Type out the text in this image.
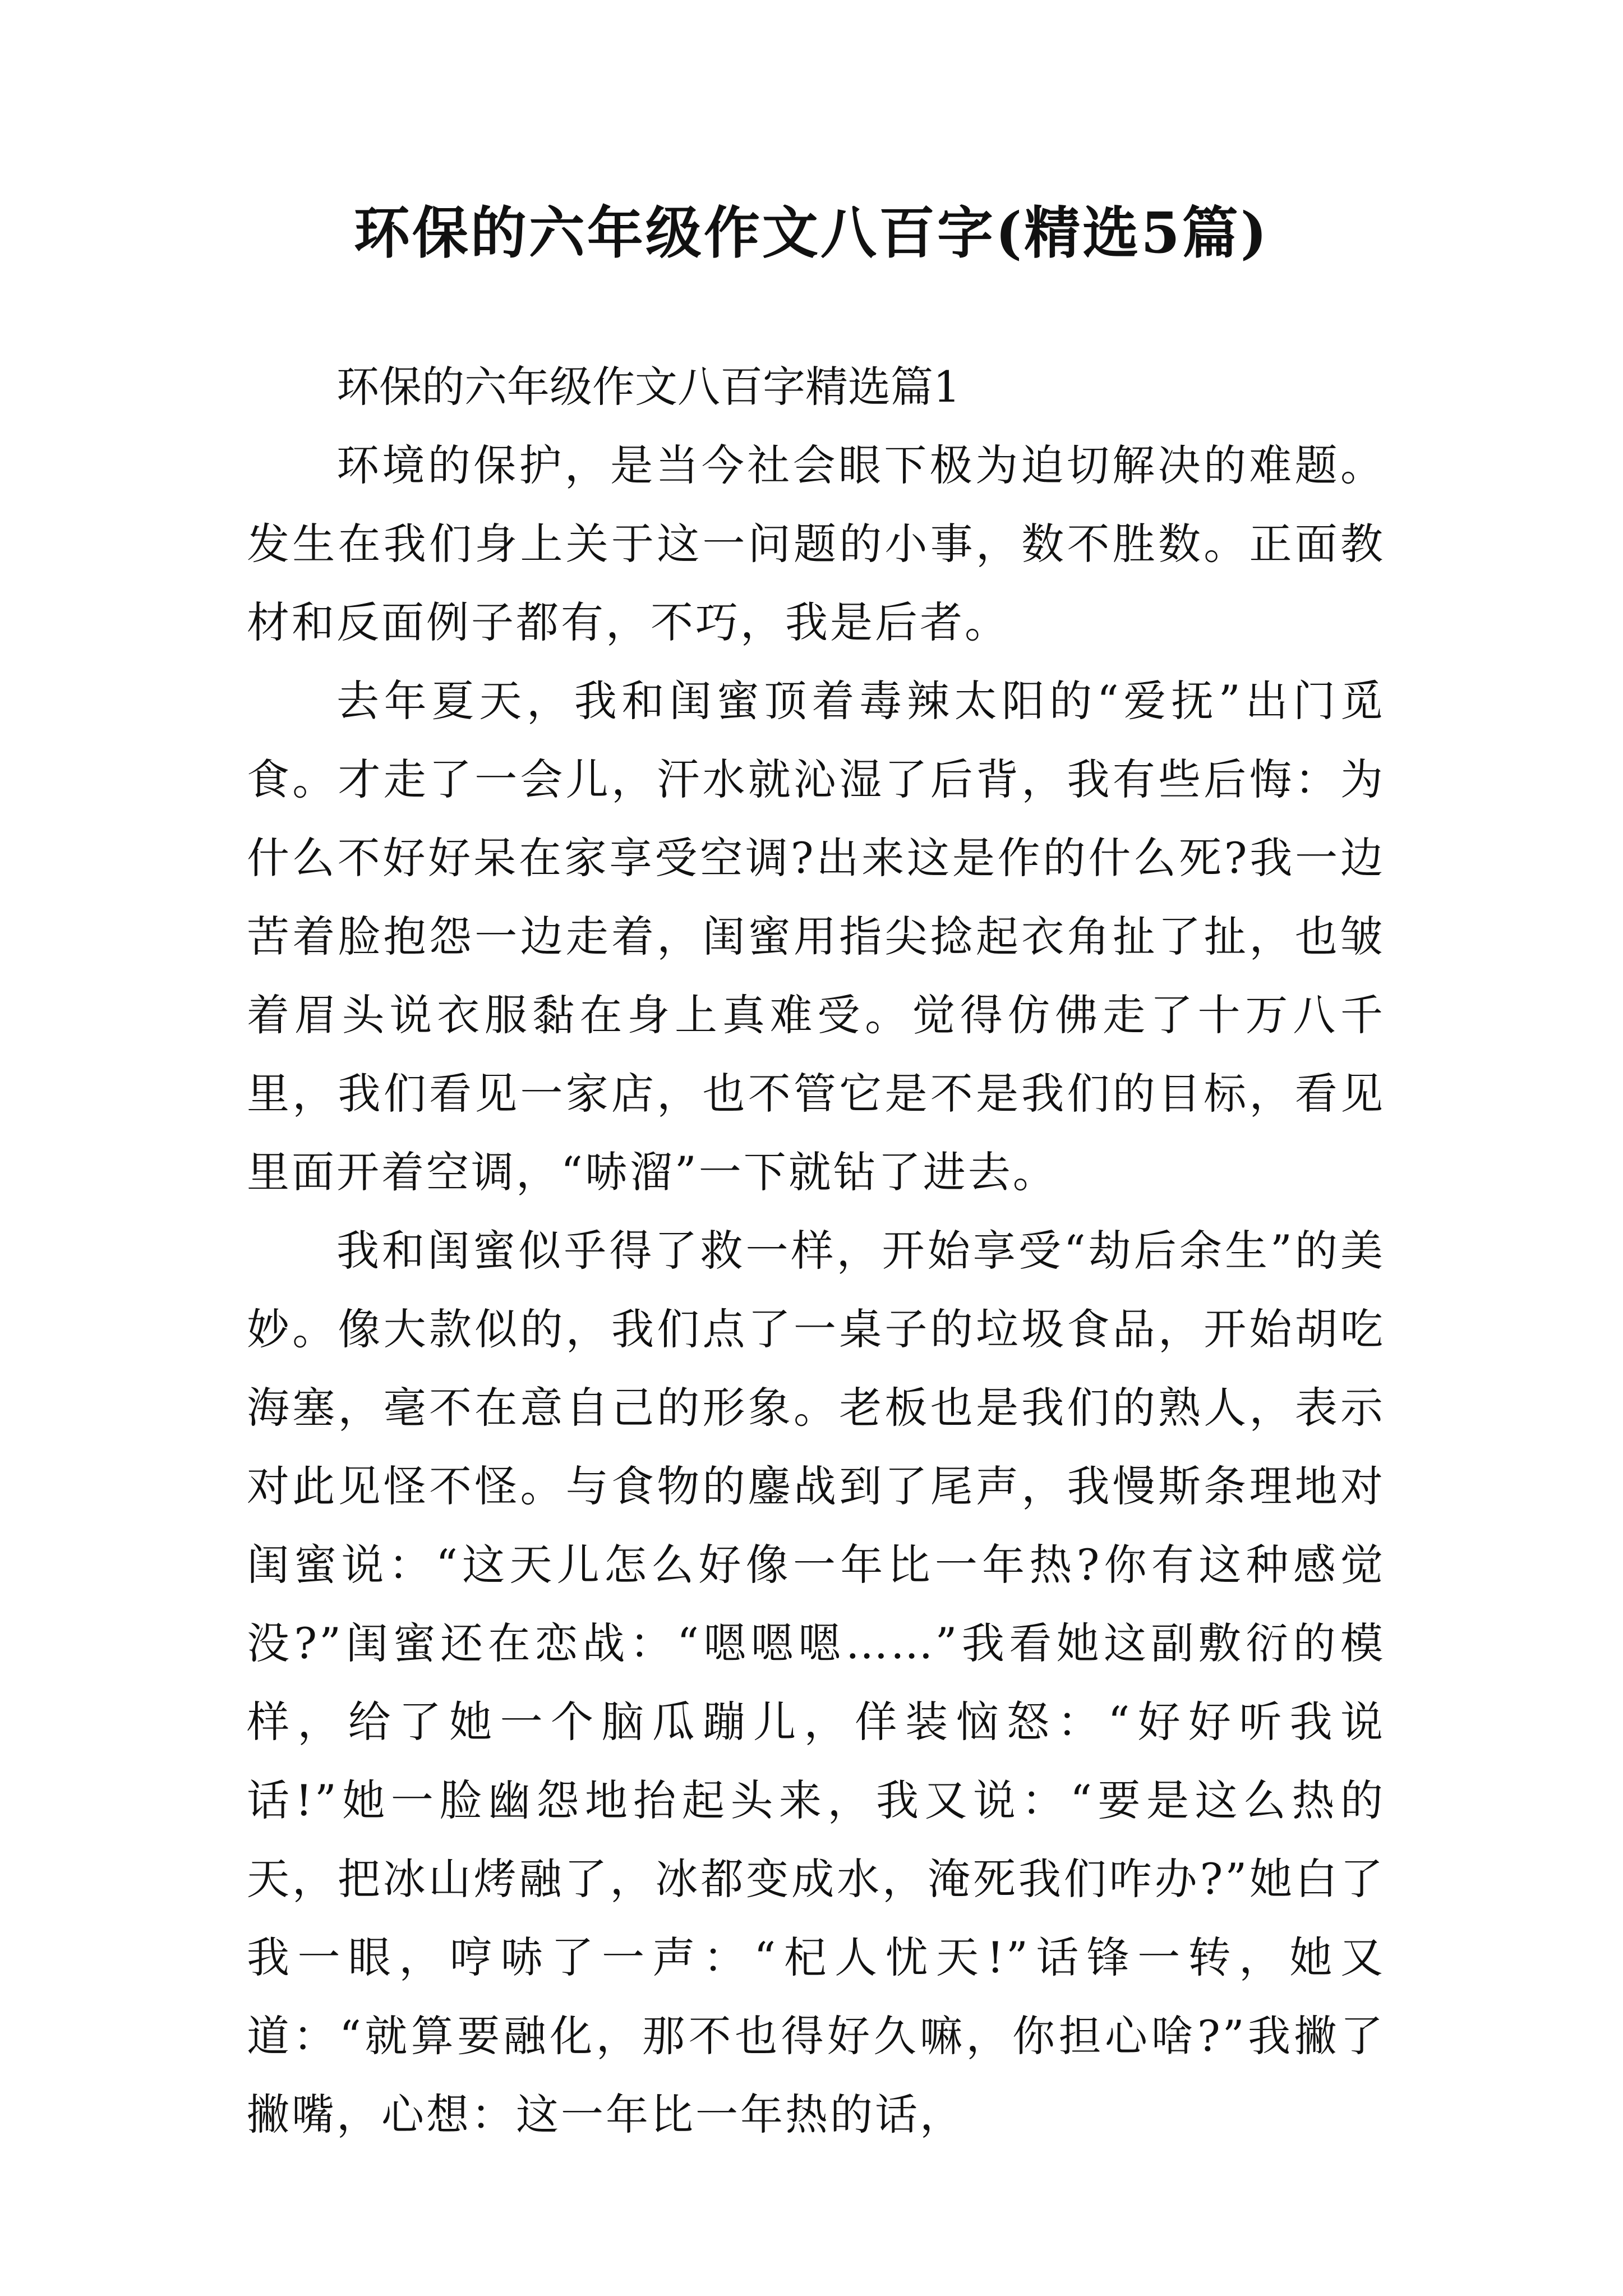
环保的六年级作文八百字(精选5篇)

环保的六年级作文八百字精选篇1

环境的保护，是当今社会眼下极为迫切解决的难题。发生在我们身上关于这一问题的小事，数不胜数。正面教材和反面例子都有，不巧，我是后者。

去年夏天，我和闺蜜顶着毒辣太阳的“爱抚”出门觅食。才走了一会儿，汗水就沁湿了后背，我有些后悔：为什么不好好呆在家享受空调?出来这是作的什么死?我一边苦着脸抱怨一边走着，闺蜜用指尖捻起衣角扯了扯，也皱着眉头说衣服黏在身上真难受。觉得仿佛走了十万八千里，我们看见一家店，也不管它是不是我们的目标，看见里面开着空调，“哧溜”一下就钻了进去。

我和闺蜜似乎得了救一样，开始享受“劫后余生”的美妙。像大款似的，我们点了一桌子的垃圾食品，开始胡吃海塞，毫不在意自己的形象。老板也是我们的熟人，表示对此见怪不怪。与食物的鏖战到了尾声，我慢斯条理地对闺蜜说：“这天儿怎么好像一年比一年热?你有这种感觉没?”闺蜜还在恋战：“嗯嗯嗯……”我看她这副敷衍的模样，给了她一个脑瓜蹦儿，佯装恼怒：“好好听我说话!”她一脸幽怨地抬起头来，我又说：“要是这么热的天，把冰山烤融了，冰都变成水，淹死我们咋办?”她白了我一眼，哼哧了一声：“杞人忧天!”话锋一转，她又道：“就算要融化，那不也得好久嘛，你担心啥?”我撇了撇嘴，心想：这一年比一年热的话，
